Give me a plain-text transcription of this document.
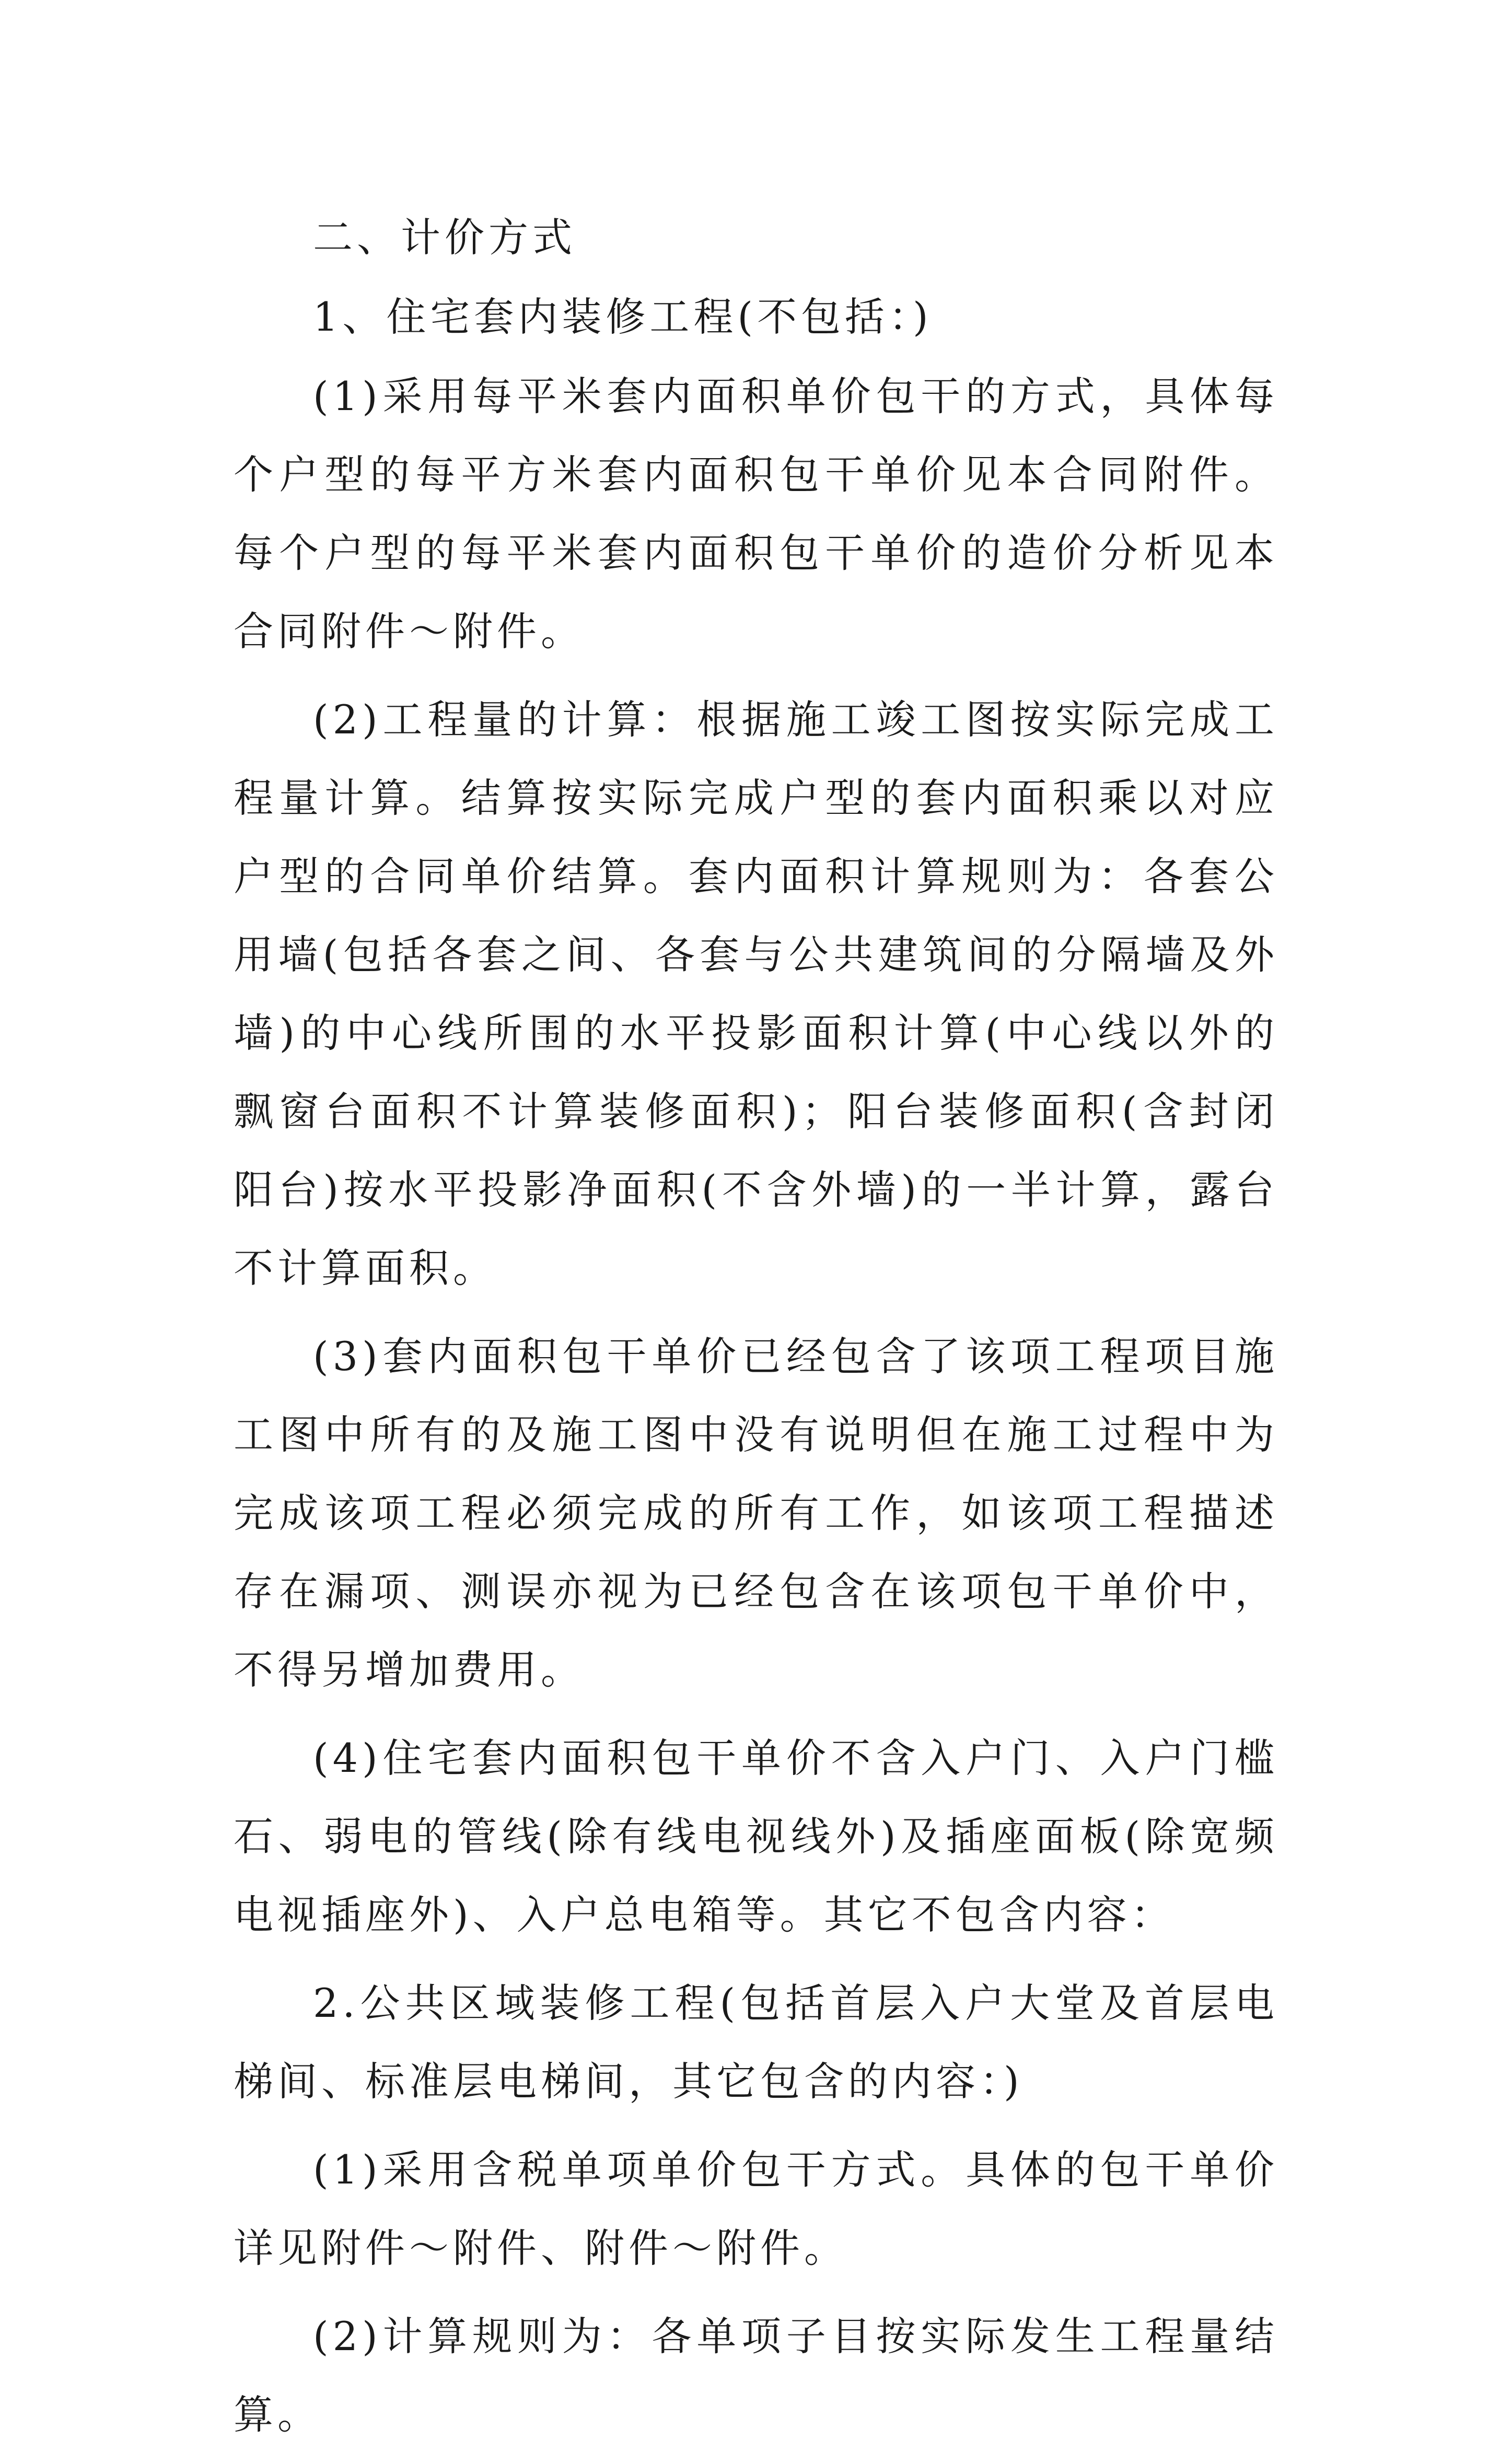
二、计价方式

1、住宅套内装修工程(不包括：)

(1)采用每平米套内面积单价包干的方式，具体每个户型的每平方米套内面积包干单价见本合同附件。每个户型的每平米套内面积包干单价的造价分析见本合同附件～附件。

(2)工程量的计算：根据施工竣工图按实际完成工程量计算。结算按实际完成户型的套内面积乘以对应户型的合同单价结算。套内面积计算规则为：各套公用墙(包括各套之间、各套与公共建筑间的分隔墙及外墙)的中心线所围的水平投影面积计算(中心线以外的飘窗台面积不计算装修面积)；阳台装修面积(含封闭阳台)按水平投影净面积(不含外墙)的一半计算，露台不计算面积。

(3)套内面积包干单价已经包含了该项工程项目施工图中所有的及施工图中没有说明但在施工过程中为完成该项工程必须完成的所有工作，如该项工程描述存在漏项、测误亦视为已经包含在该项包干单价中，不得另增加费用。

(4)住宅套内面积包干单价不含入户门、入户门槛石、弱电的管线(除有线电视线外)及插座面板(除宽频电视插座外)、入户总电箱等。其它不包含内容：

2.公共区域装修工程(包括首层入户大堂及首层电梯间、标准层电梯间，其它包含的内容：)

(1)采用含税单项单价包干方式。具体的包干单价详见附件～附件、附件～附件。

(2)计算规则为：各单项子目按实际发生工程量结算。
